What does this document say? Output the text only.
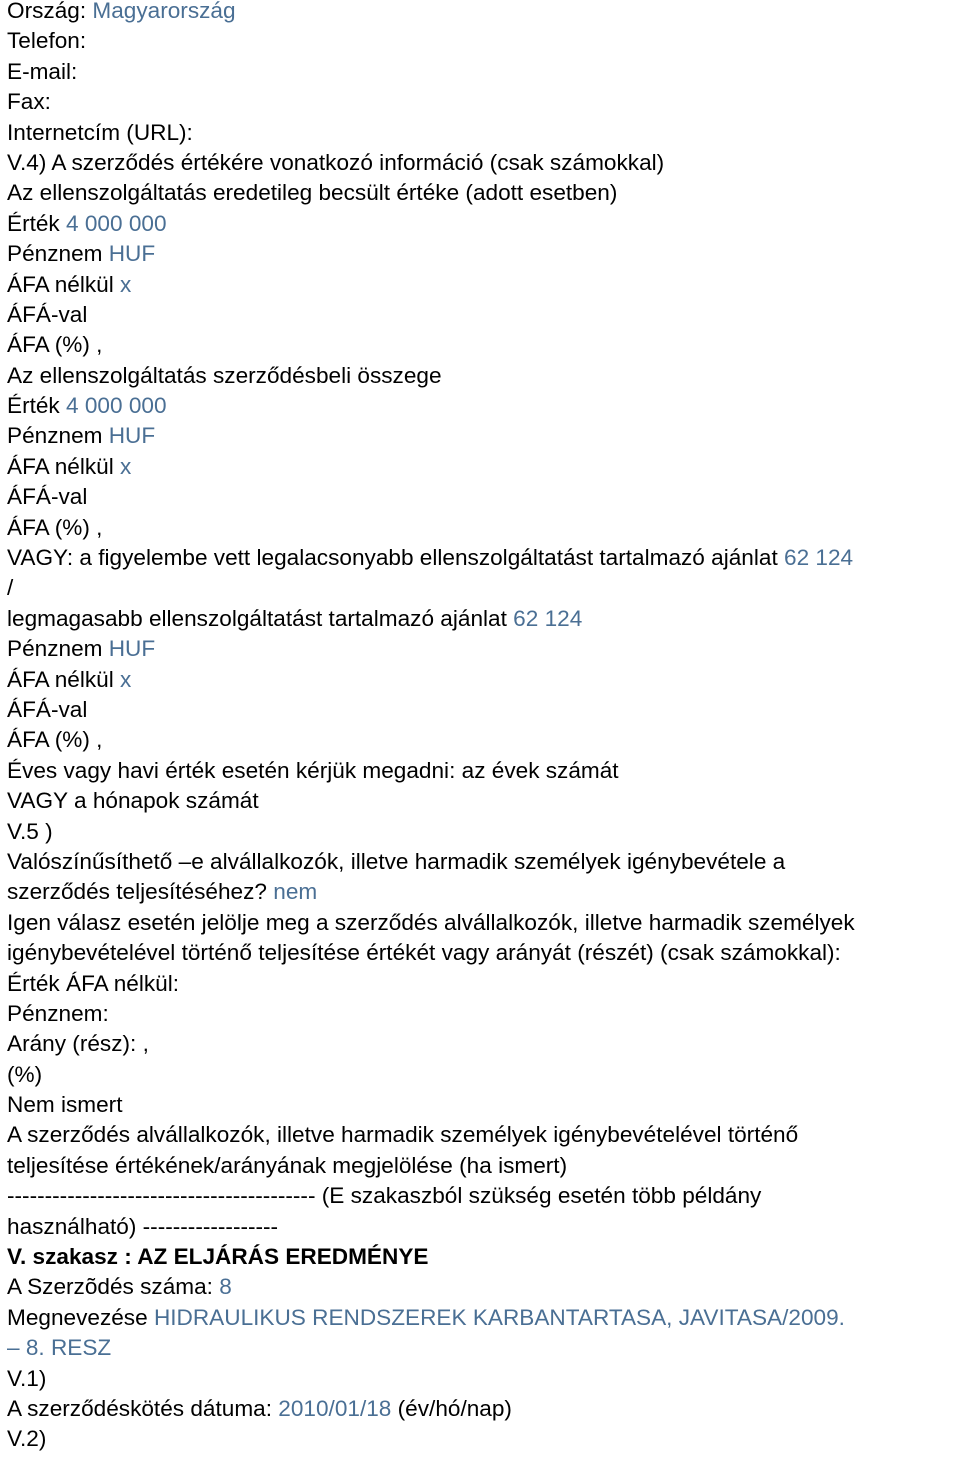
Ország: Magyarország
Telefon:
E-mail:
Fax:
Internetcím (URL):
V.4) A szerződés értékére vonatkozó információ (csak számokkal)
Az ellenszolgáltatás eredetileg becsült értéke (adott esetben)
Érték 4 000 000
Pénznem HUF
ÁFA nélkül x
ÁFÁ-val
ÁFA (%) ,
Az ellenszolgáltatás szerződésbeli összege
Érték 4 000 000
Pénznem HUF
ÁFA nélkül x
ÁFÁ-val
ÁFA (%) ,
VAGY: a figyelembe vett legalacsonyabb ellenszolgáltatást tartalmazó ajánlat 62 124
/
legmagasabb ellenszolgáltatást tartalmazó ajánlat 62 124
Pénznem HUF
ÁFA nélkül x
ÁFÁ-val
ÁFA (%) ,
Éves vagy havi érték esetén kérjük megadni: az évek számát
VAGY a hónapok számát
V.5 )
Valószínűsíthető –e alvállalkozók, illetve harmadik személyek igénybevétele a
szerződés teljesítéséhez? nem
Igen válasz esetén jelölje meg a szerződés alvállalkozók, illetve harmadik személyek
igénybevételével történő teljesítése értékét vagy arányát (részét) (csak számokkal):
Érték ÁFA nélkül:
Pénznem:
Arány (rész): ,
(%)
Nem ismert
A szerződés alvállalkozók, illetve harmadik személyek igénybevételével történő
teljesítése értékének/arányának megjelölése (ha ismert)
----------------------------------------- (E szakaszból szükség esetén több példány
használható) ------------------
V. szakasz : AZ ELJÁRÁS EREDMÉNYE
A Szerzõdés száma: 8
Megnevezése HIDRAULIKUS RENDSZEREK KARBANTARTASA, JAVITASA/2009.
– 8. RESZ
V.1)
A szerződéskötés dátuma: 2010/01/18 (év/hó/nap)
V.2)
